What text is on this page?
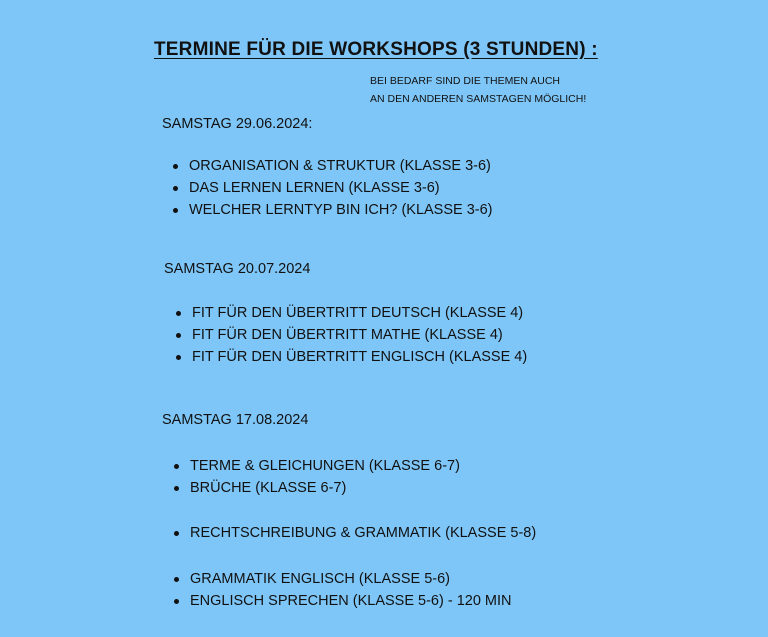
TERMINE FÜR DIE WORKSHOPS (3 STUNDEN) :
BEI BEDARF SIND DIE THEMEN AUCH
AN DEN ANDEREN SAMSTAGEN MÖGLICH!
SAMSTAG 29.06.2024:
ORGANISATION & STRUKTUR (KLASSE 3-6)
DAS LERNEN LERNEN (KLASSE 3-6)
WELCHER LERNTYP BIN ICH? (KLASSE 3-6)
SAMSTAG 20.07.2024
FIT FÜR DEN ÜBERTRITT DEUTSCH (KLASSE 4)
FIT FÜR DEN ÜBERTRITT MATHE (KLASSE 4)
FIT FÜR DEN ÜBERTRITT ENGLISCH (KLASSE 4)
SAMSTAG 17.08.2024
TERME & GLEICHUNGEN (KLASSE 6-7)
BRÜCHE (KLASSE 6-7)
RECHTSCHREIBUNG & GRAMMATIK (KLASSE 5-8)
GRAMMATIK ENGLISCH (KLASSE 5-6)
ENGLISCH SPRECHEN (KLASSE 5-6) - 120 MIN
